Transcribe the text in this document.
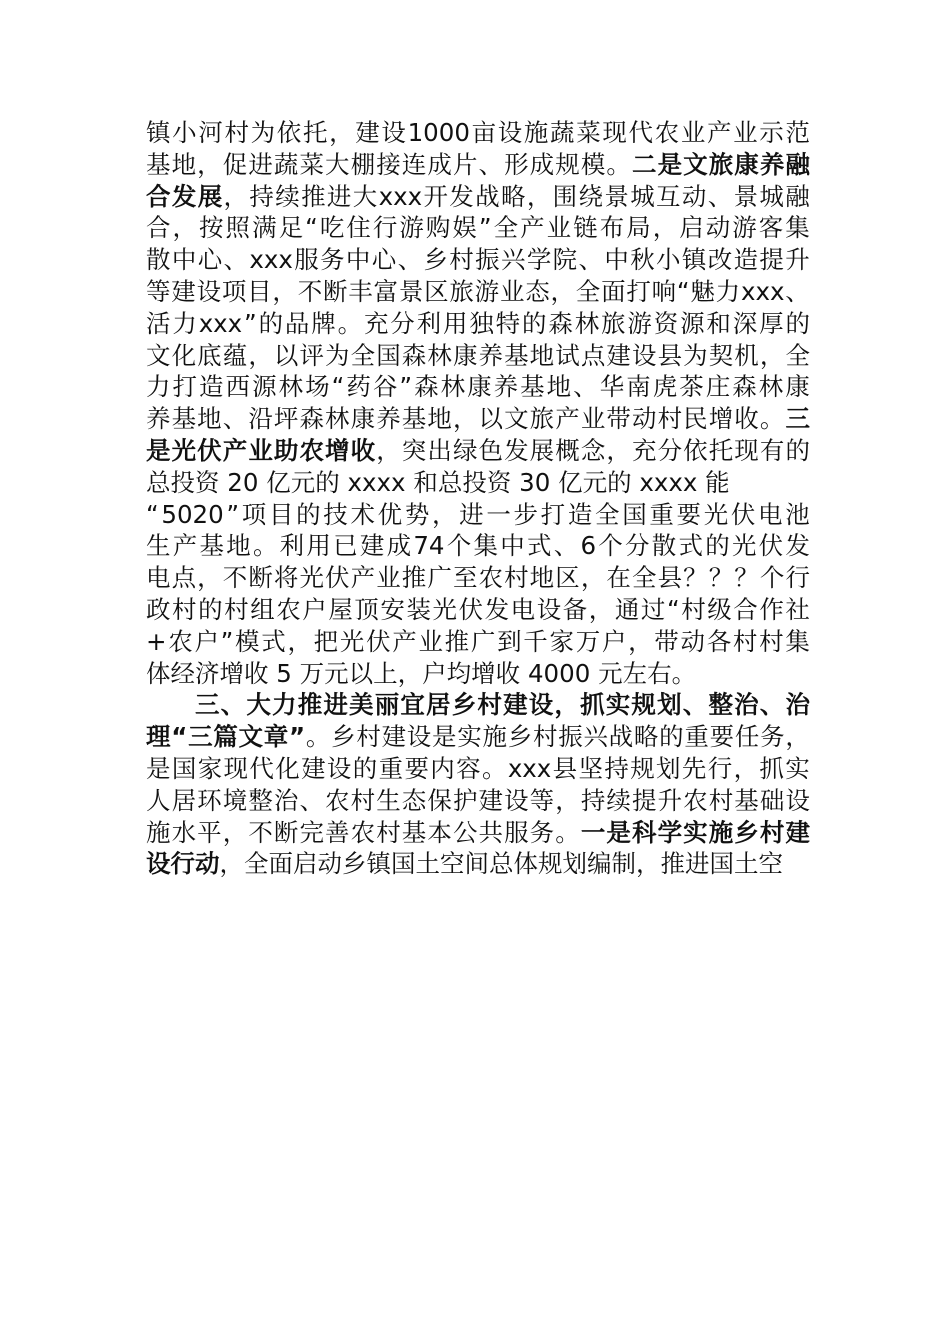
镇 小 河 村 为 依 托 ， 建 设 1000 亩 设 施 蔬 菜 现 代 农 业 产 业 示 范
基 地 ， 促 进 蔬 菜 大 棚 接 连 成 片 、 形 成 规 模 。 二 是 文 旅 康 养 融
合 发 展 ， 持 续 推 进 大 xxx 开 发 战 略 ， 围 绕 景 城 互 动 、 景 城 融
合 ， 按 照 满 足 “ 吃 住 行 游 购 娱 ” 全 产 业 链 布 局 ， 启 动 游 客 集
散 中 心 、 xxx 服 务 中 心 、 乡 村 振 兴 学 院 、 中 秋 小 镇 改 造 提 升
等 建 设 项 目 ， 不 断 丰 富 景 区 旅 游 业 态 ， 全 面 打 响 “ 魅 力 xxx 、
活 力 xxx ” 的 品 牌 。 充 分 利 用 独 特 的 森 林 旅 游 资 源 和 深 厚 的
文 化 底 蕴 ， 以 评 为 全 国 森 林 康 养 基 地 试 点 建 设 县 为 契 机 ， 全
力 打 造 西 源 林 场 “ 药 谷 ” 森 林 康 养 基 地 、 华 南 虎 茶 庄 森 林 康
养 基 地 、 沿 坪 森 林 康 养 基 地 ， 以 文 旅 产 业 带 动 村 民 增 收 。 三
是 光 伏 产 业 助 农 增 收 ， 突 出 绿 色 发 展 概 念 ， 充 分 依 托 现 有 的
总投资 20 亿元的 xxxx 和总投资 30 亿元的 xxxx 能
“ 5020 ” 项 目 的 技 术 优 势 ， 进 一 步 打 造 全 国 重 要 光 伏 电 池
生 产 基 地 。 利 用 已 建 成 74 个 集 中 式 、 6 个 分 散 式 的 光 伏 发
电 点 ， 不 断 将 光 伏 产 业 推 广 至 农 村 地 区 ， 在 全 县 ？ ？ ？ 个 行
政 村 的 村 组 农 户 屋 顶 安 装 光 伏 发 电 设 备 ， 通 过 “ 村 级 合 作 社
+ 农 户 ” 模 式 ， 把 光 伏 产 业 推 广 到 千 家 万 户 ， 带 动 各 村 村 集
体经济增收 5 万元以上，户均增收 4000 元左右。
三 、 大 力 推 进 美 丽 宜 居 乡 村 建 设 ， 抓 实 规 划 、 整 治 、 治
理 “ 三 篇 文 章 ” 。 乡 村 建 设 是 实 施 乡 村 振 兴 战 略 的 重 要 任 务 ，
是 国 家 现 代 化 建 设 的 重 要 内 容 。 xxx 县 坚 持 规 划 先 行 ， 抓 实
人 居 环 境 整 治 、 农 村 生 态 保 护 建 设 等 ， 持 续 提 升 农 村 基 础 设
施 水 平 ， 不 断 完 善 农 村 基 本 公 共 服 务 。 一 是 科 学 实 施 乡 村 建
设行动，全面启动乡镇国土空间总体规划编制，推进国土空
